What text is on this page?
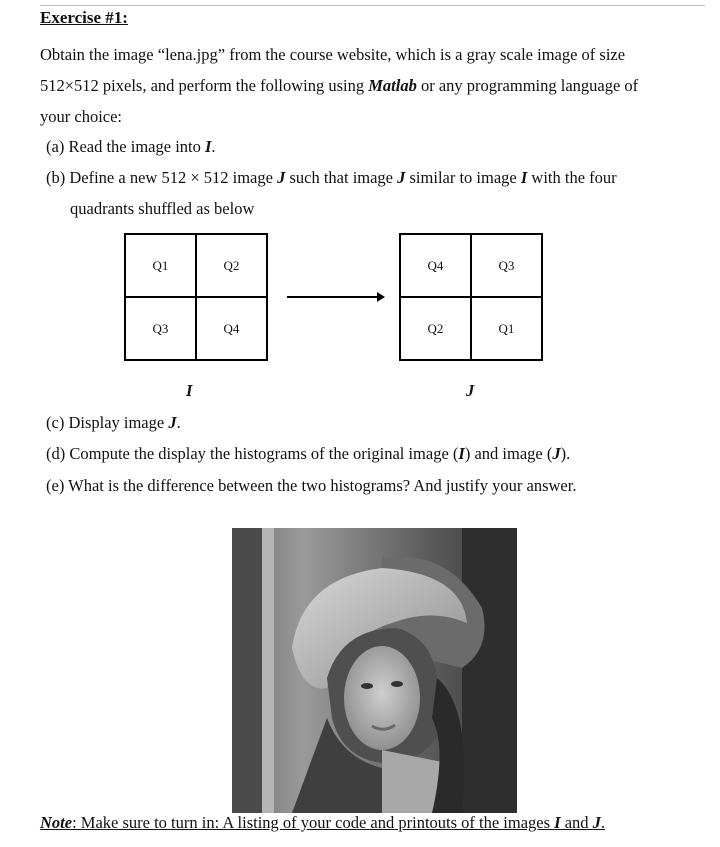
Exercise #1:
Obtain the image “lena.jpg” from the course website, which is a gray scale image of size
512×512 pixels, and perform the following using Matlab or any programming language of
your choice:
(a) Read the image into I.
(b) Define a new 512 × 512 image J such that image J similar to image I with the four
quadrants shuffled as below
Q1	Q2
Q3	Q4
Q4	Q3
Q2	Q1
I	J
(c) Display image J.
(d) Compute the display the histograms of the original image (I) and image (J).
(e) What is the difference between the two histograms? And justify your answer.
Note: Make sure to turn in: A listing of your code and printouts of the images I and J.
